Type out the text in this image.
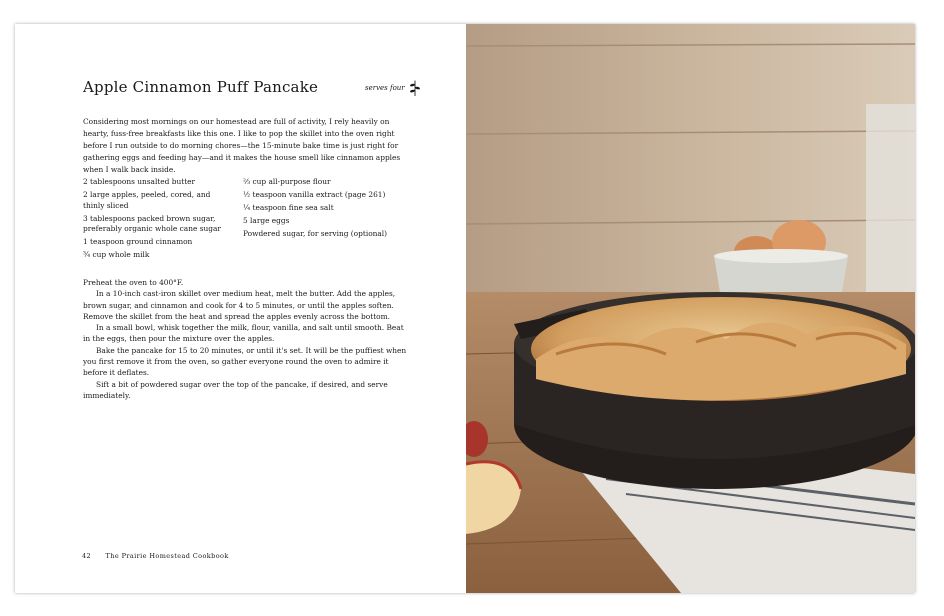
Apple Cinnamon Puff Pancake	serves four
Considering most mornings on our homestead are full of activity, I rely heavily on hearty, fuss-free breakfasts like this one. I like to pop the skillet into the oven right before I run outside to do morning chores—the 15-minute bake time is just right for gathering eggs and feeding hay—and it makes the house smell like cinnamon apples when I walk back inside.
2 tablespoons unsalted butter
2 large apples, peeled, cored, and thinly sliced
3 tablespoons packed brown sugar, preferably organic whole cane sugar
1 teaspoon ground cinnamon
¾ cup whole milk
⅔ cup all-purpose flour
½ teaspoon vanilla extract (page 261)
¼ teaspoon fine sea salt
5 large eggs
Powdered sugar, for serving (optional)

Preheat the oven to 400°F.

In a 10-inch cast-iron skillet over medium heat, melt the butter. Add the apples, brown sugar, and cinnamon and cook for 4 to 5 minutes, or until the apples soften. Remove the skillet from the heat and spread the apples evenly across the bottom.

In a small bowl, whisk together the milk, flour, vanilla, and salt until smooth. Beat in the eggs, then pour the mixture over the apples.

Bake the pancake for 15 to 20 minutes, or until it's set. It will be the puffiest when you first remove it from the oven, so gather everyone round the oven to admire it before it deflates.

Sift a bit of powdered sugar over the top of the pancake, if desired, and serve immediately.

42 The Prairie Homestead Cookbook
